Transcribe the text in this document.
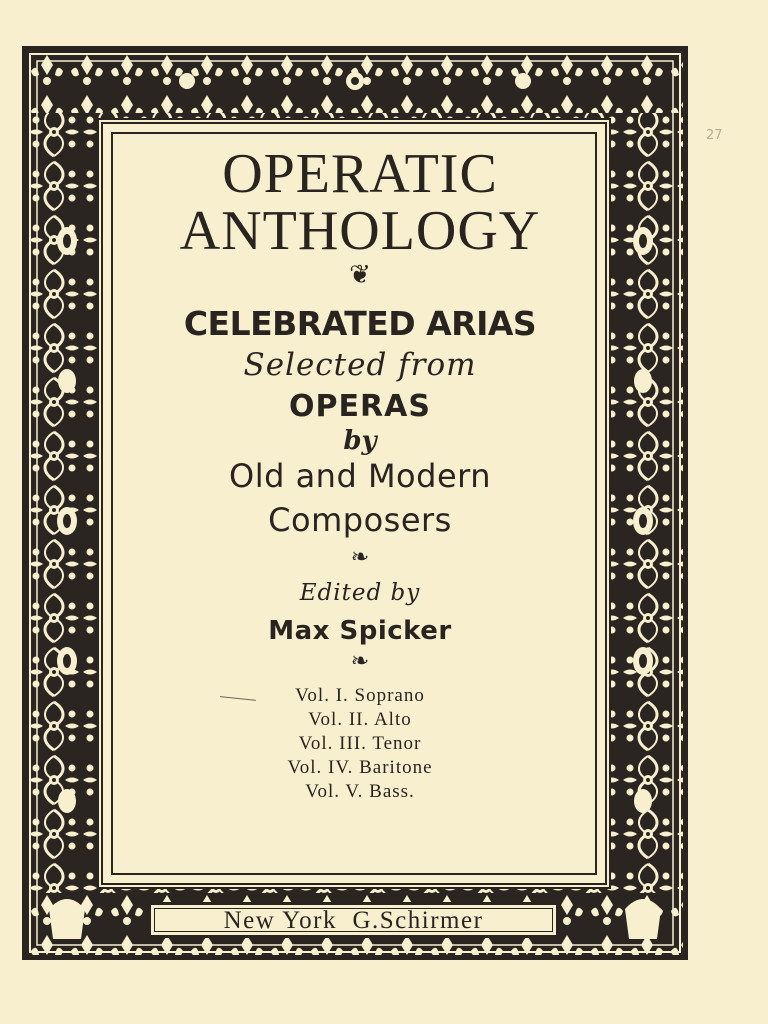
27
OPERATIC
ANTHOLOGY
❦
CELEBRATED ARIAS
Selected from
OPERAS
by
Old and Modern
Composers
❧
Edited by
Max Spicker
❧
Vol. I. Soprano
Vol. II. Alto
Vol. III. Tenor
Vol. IV. Baritone
Vol. V. Bass.
New York  G.Schirmer
